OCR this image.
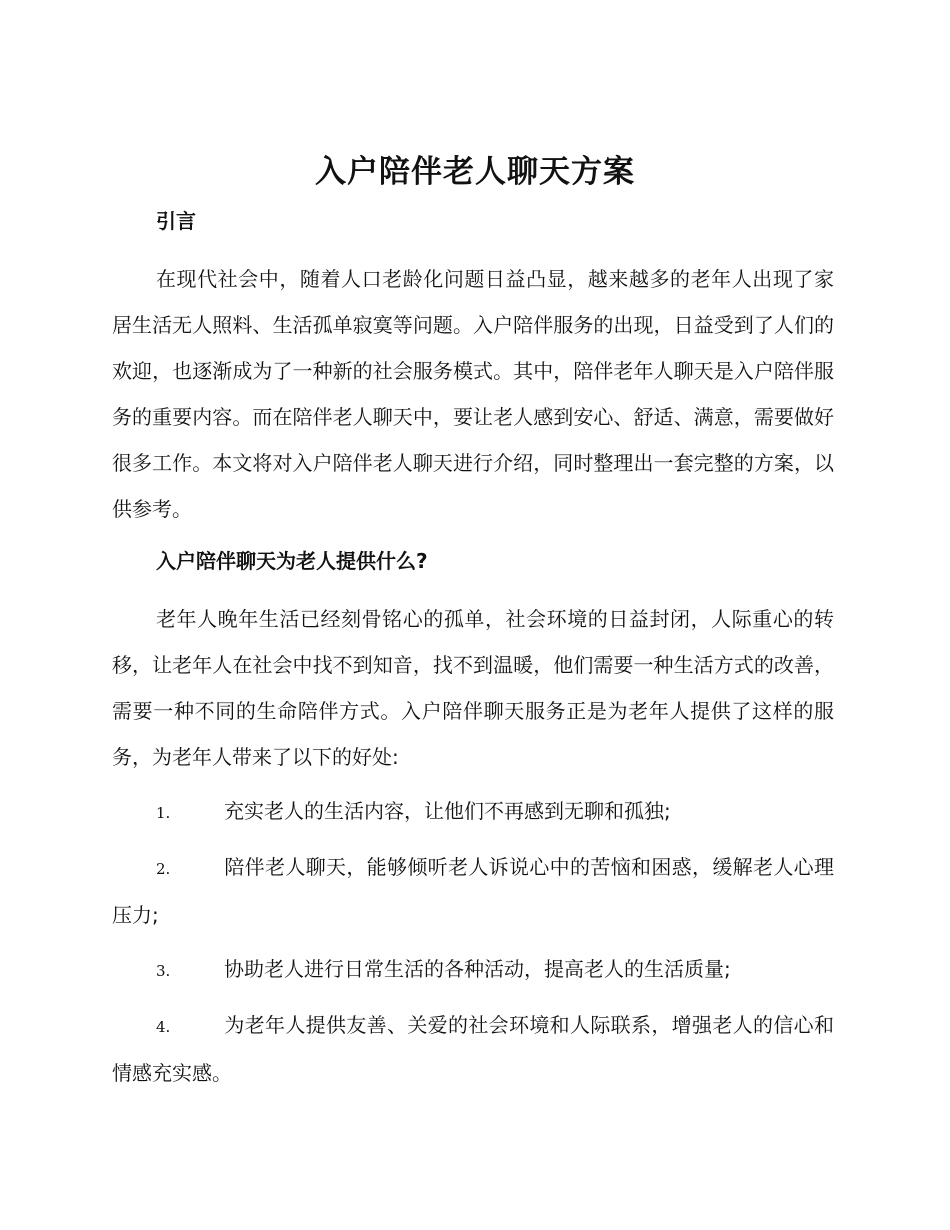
入户陪伴老人聊天方案
引言

在现代社会中，随着人口老龄化问题日益凸显，越来越多的老年人出现了家居生活无人照料、生活孤单寂寞等问题。入户陪伴服务的出现，日益受到了人们的欢迎，也逐渐成为了一种新的社会服务模式。其中，陪伴老年人聊天是入户陪伴服务的重要内容。而在陪伴老人聊天中，要让老人感到安心、舒适、满意，需要做好很多工作。本文将对入户陪伴老人聊天进行介绍，同时整理出一套完整的方案，以供参考。

入户陪伴聊天为老人提供什么?

老年人晚年生活已经刻骨铭心的孤单，社会环境的日益封闭，人际重心的转移，让老年人在社会中找不到知音，找不到温暖，他们需要一种生活方式的改善，需要一种不同的生命陪伴方式。入户陪伴聊天服务正是为老年人提供了这样的服务，为老年人带来了以下的好处:

1.	充实老人的生活内容，让他们不再感到无聊和孤独;

2.	陪伴老人聊天，能够倾听老人诉说心中的苦恼和困惑，缓解老人心理压力;

3.	协助老人进行日常生活的各种活动，提高老人的生活质量;

4.	为老年人提供友善、关爱的社会环境和人际联系，增强老人的信心和情感充实感。
